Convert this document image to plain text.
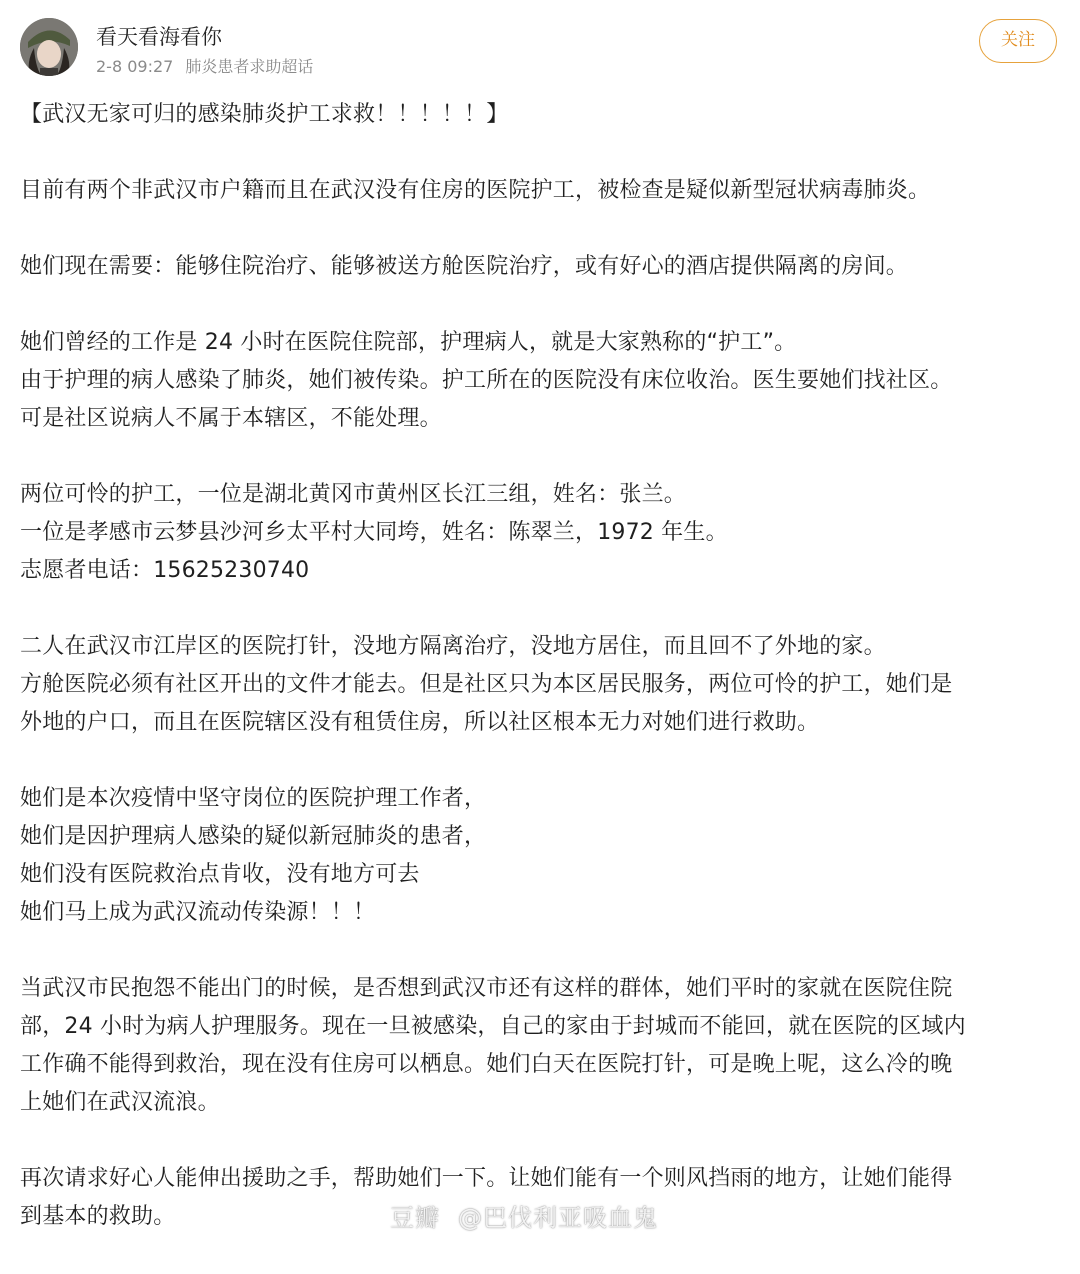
看天看海看你
2-8 09:27 肺炎患者求助超话
关注
【武汉无家可归的感染肺炎护工求救！！！！！】
目前有两个非武汉市户籍而且在武汉没有住房的医院护工，被检查是疑似新型冠状病毒肺炎。
她们现在需要：能够住院治疗、能够被送方舱医院治疗，或有好心的酒店提供隔离的房间。
她们曾经的工作是 24 小时在医院住院部，护理病人，就是大家熟称的“护工”。
由于护理的病人感染了肺炎，她们被传染。护工所在的医院没有床位收治。医生要她们找社区。
可是社区说病人不属于本辖区，不能处理。
两位可怜的护工，一位是湖北黄冈市黄州区长江三组，姓名：张兰。
一位是孝感市云梦县沙河乡太平村大同垮，姓名：陈翠兰，1972 年生。
志愿者电话：15625230740
二人在武汉市江岸区的医院打针，没地方隔离治疗，没地方居住，而且回不了外地的家。
方舱医院必须有社区开出的文件才能去。但是社区只为本区居民服务，两位可怜的护工，她们是
外地的户口，而且在医院辖区没有租赁住房，所以社区根本无力对她们进行救助。
她们是本次疫情中坚守岗位的医院护理工作者，
她们是因护理病人感染的疑似新冠肺炎的患者，
她们没有医院救治点肯收，没有地方可去
她们马上成为武汉流动传染源！！！
当武汉市民抱怨不能出门的时候，是否想到武汉市还有这样的群体，她们平时的家就在医院住院
部，24 小时为病人护理服务。现在一旦被感染，自己的家由于封城而不能回，就在医院的区域内
工作确不能得到救治，现在没有住房可以栖息。她们白天在医院打针，可是晚上呢，这么冷的晚
上她们在武汉流浪。
再次请求好心人能伸出援助之手，帮助她们一下。让她们能有一个则风挡雨的地方，让她们能得
到基本的救助。	豆瓣 @巴伐利亚吸血鬼
